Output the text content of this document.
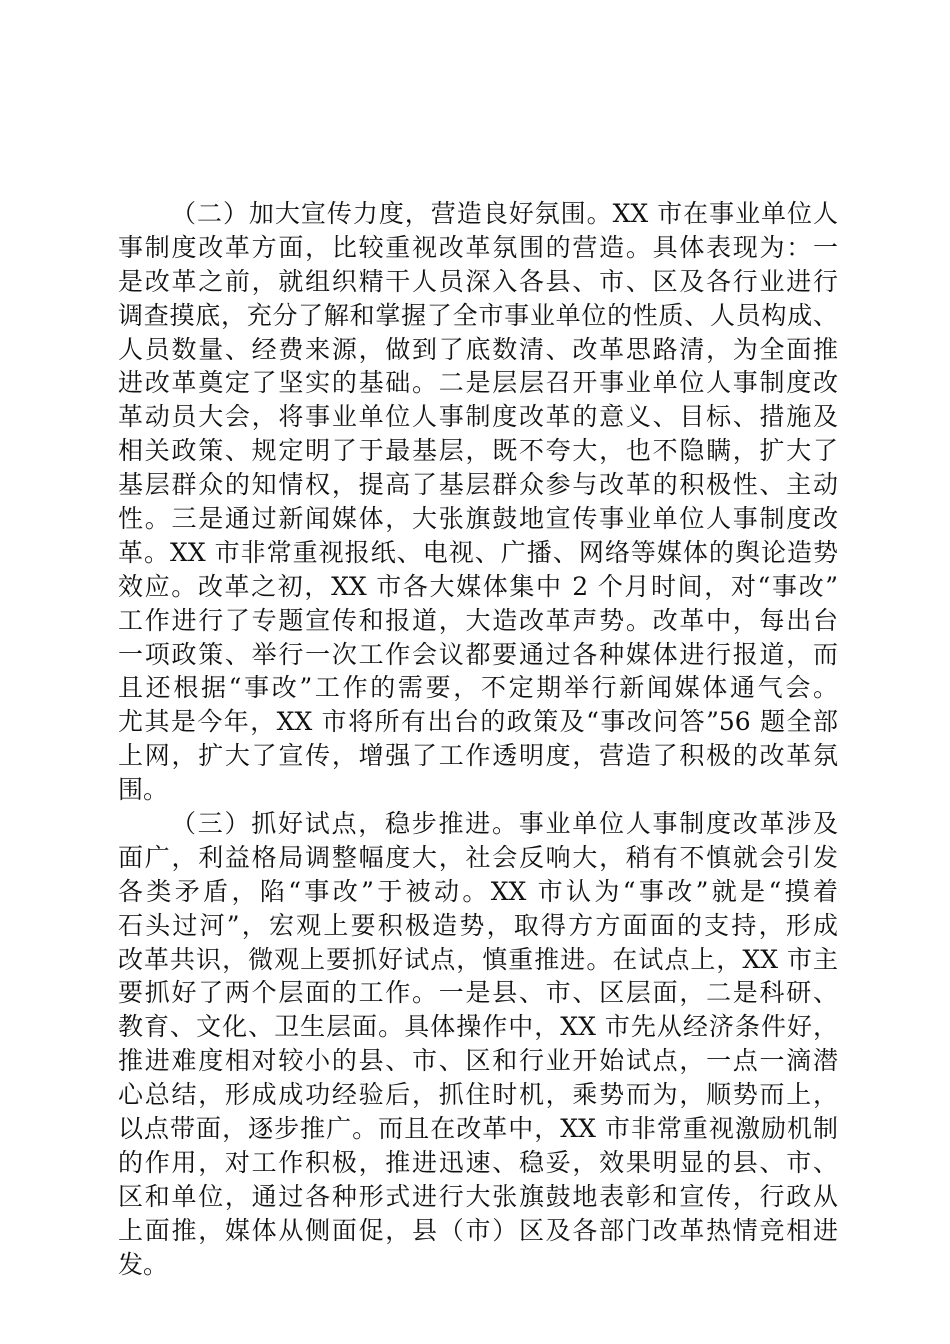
（二）加大宣传力度，营造良好氛围。XX 市在事业单位人
事制度改革方面，比较重视改革氛围的营造。具体表现为：一
是改革之前，就组织精干人员深入各县、市、区及各行业进行
调查摸底，充分了解和掌握了全市事业单位的性质、人员构成、
人员数量、经费来源，做到了底数清、改革思路清，为全面推
进改革奠定了坚实的基础。二是层层召开事业单位人事制度改
革动员大会，将事业单位人事制度改革的意义、目标、措施及
相关政策、规定明了于最基层，既不夸大，也不隐瞒，扩大了
基层群众的知情权，提高了基层群众参与改革的积极性、主动
性。三是通过新闻媒体，大张旗鼓地宣传事业单位人事制度改
革。XX 市非常重视报纸、电视、广播、网络等媒体的舆论造势
效应。改革之初，XX 市各大媒体集中 2 个月时间，对“事改”
工作进行了专题宣传和报道，大造改革声势。改革中，每出台
一项政策、举行一次工作会议都要通过各种媒体进行报道，而
且还根据“事改”工作的需要，不定期举行新闻媒体通气会。
尤其是今年，XX 市将所有出台的政策及“事改问答”56 题全部
上网，扩大了宣传，增强了工作透明度，营造了积极的改革氛
围。
（三）抓好试点，稳步推进。事业单位人事制度改革涉及
面广，利益格局调整幅度大，社会反响大，稍有不慎就会引发
各类矛盾，陷“事改”于被动。XX 市认为“事改”就是“摸着
石头过河”，宏观上要积极造势，取得方方面面的支持，形成
改革共识，微观上要抓好试点，慎重推进。在试点上，XX 市主
要抓好了两个层面的工作。一是县、市、区层面，二是科研、
教育、文化、卫生层面。具体操作中，XX 市先从经济条件好，
推进难度相对较小的县、市、区和行业开始试点，一点一滴潜
心总结，形成成功经验后，抓住时机，乘势而为，顺势而上，
以点带面，逐步推广。而且在改革中，XX 市非常重视激励机制
的作用，对工作积极，推进迅速、稳妥，效果明显的县、市、
区和单位，通过各种形式进行大张旗鼓地表彰和宣传，行政从
上面推，媒体从侧面促，县（市）区及各部门改革热情竞相进
发。
